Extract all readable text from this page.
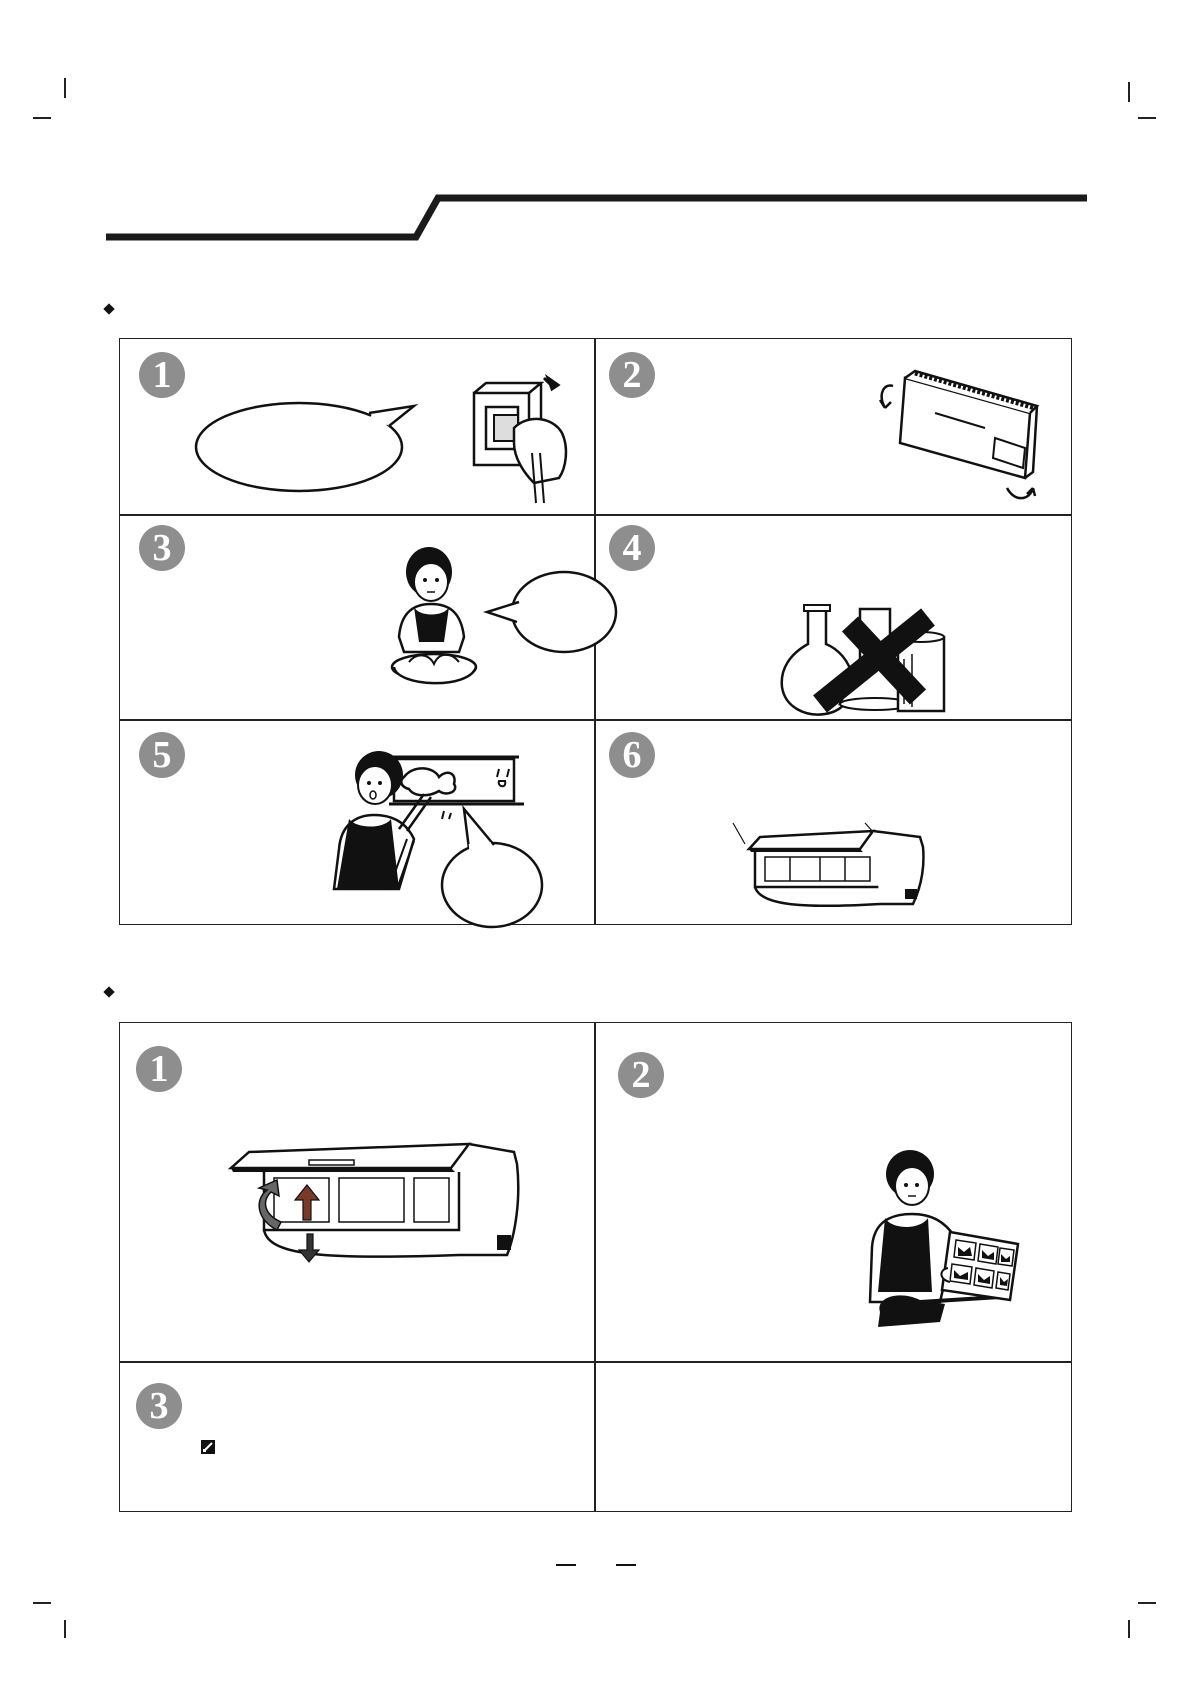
1	2
3	4
5	6
1	2
3
